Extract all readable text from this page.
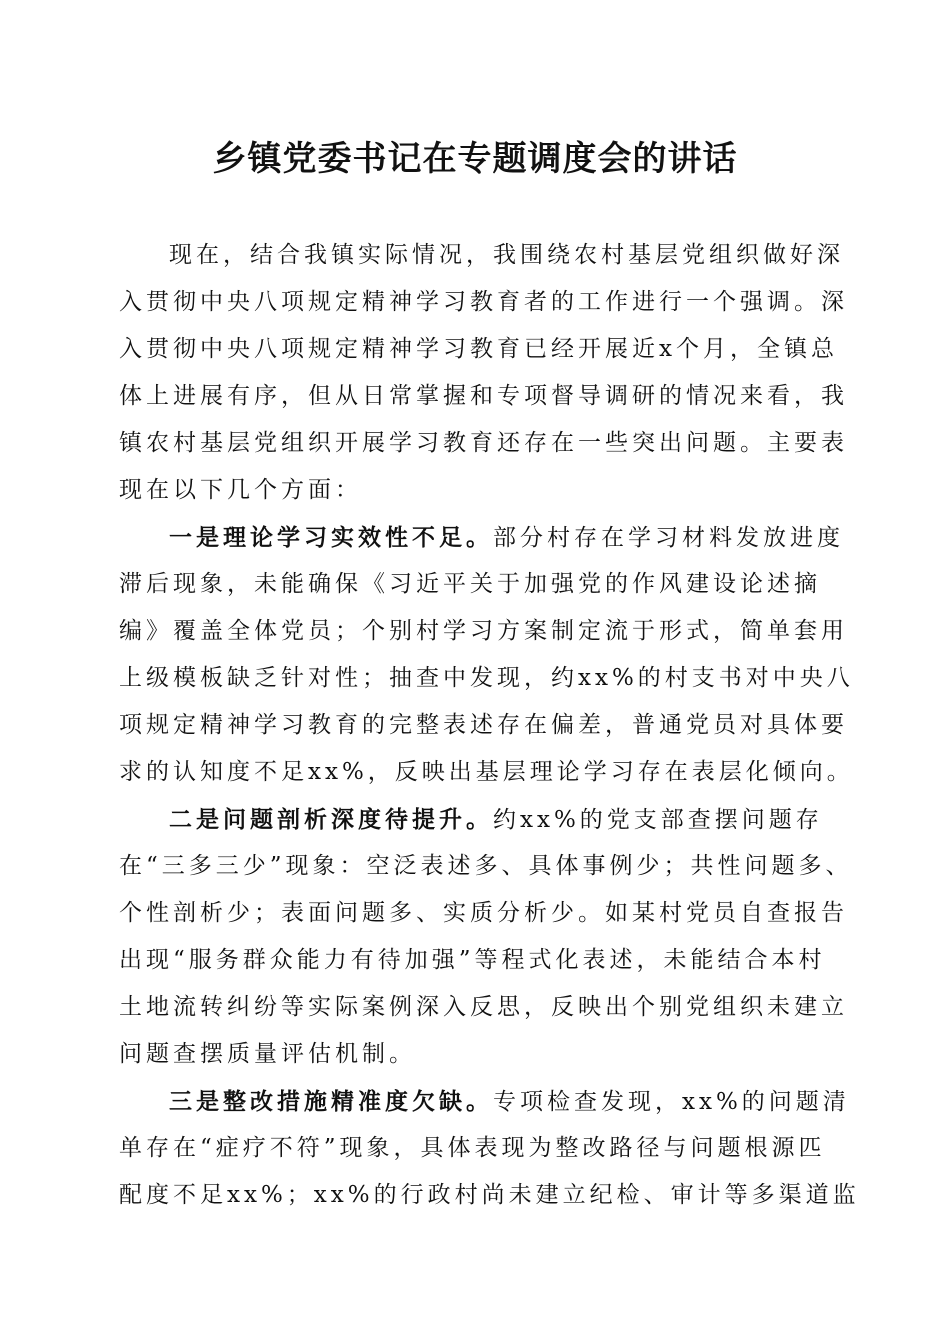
乡镇党委书记在专题调度会的讲话
现在，结合我镇实际情况，我围绕农村基层党组织做好深
入贯彻中央八项规定精神学习教育者的工作进行一个强调。深
入贯彻中央八项规定精神学习教育已经开展近x个月，全镇总
体上进展有序，但从日常掌握和专项督导调研的情况来看，我
镇农村基层党组织开展学习教育还存在一些突出问题。主要表
现在以下几个方面：
一是理论学习实效性不足。部分村存在学习材料发放进度
滞后现象，未能确保《习近平关于加强党的作风建设论述摘
编》覆盖全体党员；个别村学习方案制定流于形式，简单套用
上级模板缺乏针对性；抽查中发现，约xx%的村支书对中央八
项规定精神学习教育的完整表述存在偏差，普通党员对具体要
求的认知度不足xx%，反映出基层理论学习存在表层化倾向。
二是问题剖析深度待提升。约xx%的党支部查摆问题存
在“三多三少”现象：空泛表述多、具体事例少；共性问题多、
个性剖析少；表面问题多、实质分析少。如某村党员自查报告
出现“服务群众能力有待加强”等程式化表述，未能结合本村
土地流转纠纷等实际案例深入反思，反映出个别党组织未建立
问题查摆质量评估机制。
三是整改措施精准度欠缺。专项检查发现，xx%的问题清
单存在“症疗不符”现象，具体表现为整改路径与问题根源匹
配度不足xx%；xx%的行政村尚未建立纪检、审计等多渠道监
